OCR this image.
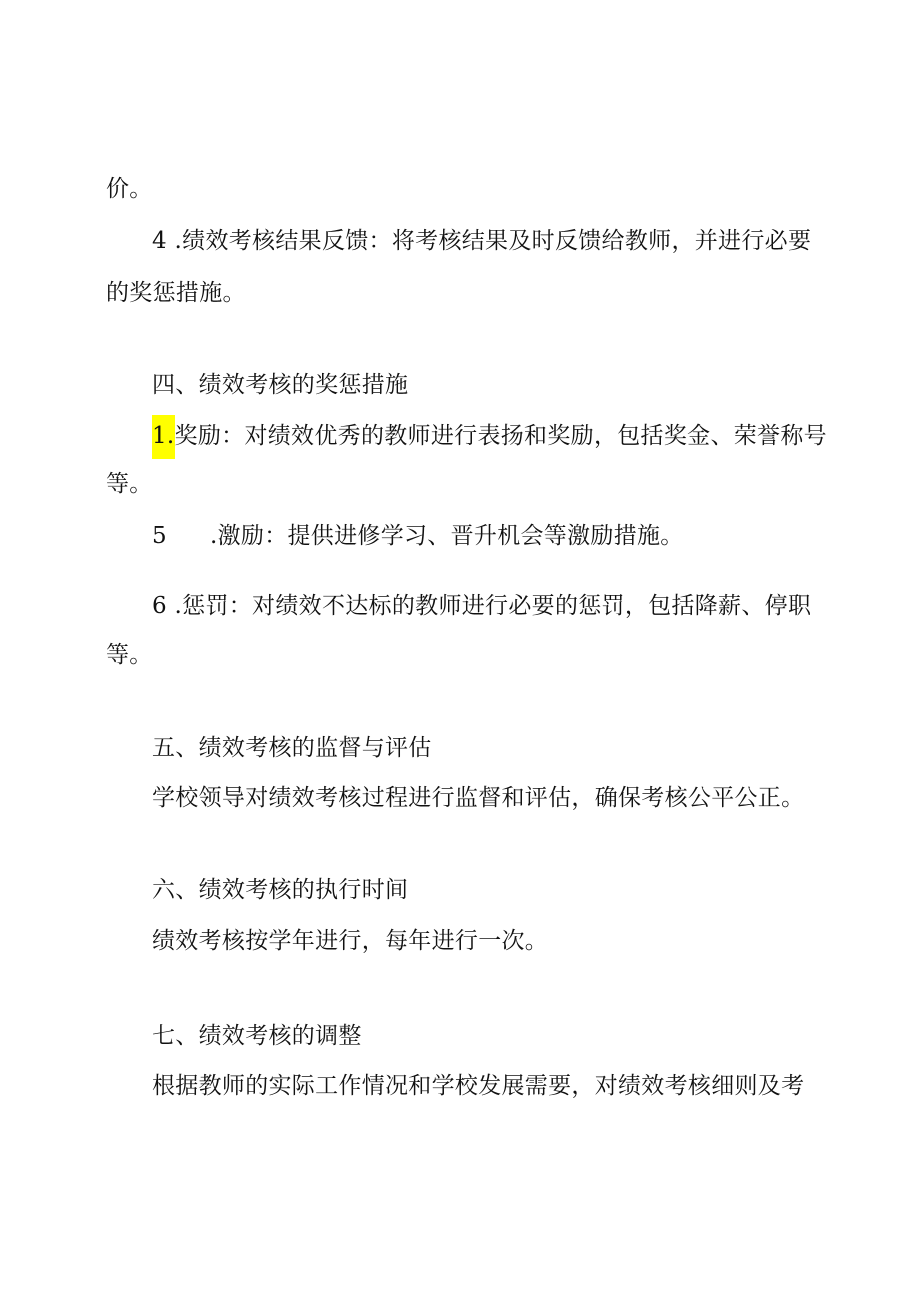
价。
4 .绩效考核结果反馈：将考核结果及时反馈给教师，并进行必要
的奖惩措施。
四、绩效考核的奖惩措施
1.奖励：对绩效优秀的教师进行表扬和奖励，包括奖金、荣誉称号
等。
5 .激励：提供进修学习、晋升机会等激励措施。
6 .惩罚：对绩效不达标的教师进行必要的惩罚，包括降薪、停职
等。
五、绩效考核的监督与评估
学校领导对绩效考核过程进行监督和评估，确保考核公平公正。
六、绩效考核的执行时间
绩效考核按学年进行，每年进行一次。
七、绩效考核的调整
根据教师的实际工作情况和学校发展需要，对绩效考核细则及考
